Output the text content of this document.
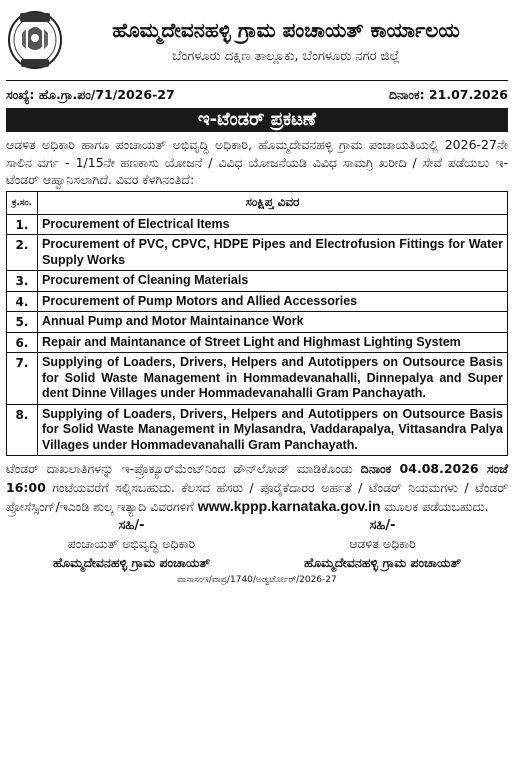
ಹೊಮ್ಮದೇವನಹಳ್ಳಿ ಗ್ರಾಮ ಪಂಚಾಯತ್ ಕಾರ್ಯಾಲಯ
ಬೆಂಗಳೂರು ದಕ್ಷಿಣ ತಾಲ್ಲೂಕು, ಬೆಂಗಳೂರು ನಗರ ಜಿಲ್ಲೆ
ಸಂಖ್ಯೆ: ಹೊ.ಗ್ರಾ.ಪಂ/71/2026-27	ದಿನಾಂಕ: 21.07.2026
ಇ-ಟೆಂಡರ್ ಪ್ರಕಟಣೆ
ಆಡಳಿತ ಅಧಿಕಾರಿ ಹಾಗೂ ಪಂಚಾಯತ್ ಅಭಿವೃದ್ಧಿ ಅಧಿಕಾರಿ, ಹೊಮ್ಮದೇವನಹಳ್ಳಿ ಗ್ರಾಮ ಪಂಚಾಯತಿಯಲ್ಲಿ 2026-27ನೇ ಸಾಲಿನ ವರ್ಗ - 1/15ನೇ ಹಣಕಾಸು ಯೋಜನೆ / ವಿವಿಧ ಯೋಜನೆಯಡಿ ವಿವಿಧ ಸಾಮಗ್ರಿ ಖರೀದಿ / ಸೇವೆ ಪಡೆಯಲು ಇ-ಟೆಂಡರ್ ಆಹ್ವಾನಿಸಲಾಗಿದೆ. ವಿವರ ಕೆಳಗಿನಂತಿದೆ:
ಕ್ರ.ಸಂ.	ಸಂಕ್ಷಿಪ್ತ ವಿವರ
1.	Procurement of Electrical Items
2.	Procurement of PVC, CPVC, HDPE Pipes and Electrofusion Fittings for Water Supply Works
3.	Procurement of Cleaning Materials
4.	Procurement of Pump Motors and Allied Accessories
5.	Annual Pump and Motor Maintainance Work
6.	Repair and Maintanance of Street Light and Highmast Lighting System
7.	Supplying of Loaders, Drivers, Helpers and Autotippers on Outsource Basis for Solid Waste Management in Hommadevanahalli, Dinnepalya and Super dent Dinne Villages under Hommadevanahalli Gram Panchayath.
8.	Supplying of Loaders, Drivers, Helpers and Autotippers on Outsource Basis for Solid Waste Management in Mylasandra, Vaddarapalya, Vittasandra Palya Villages under Hommadevanahalli Gram Panchayath.
ಟೆಂಡರ್ ದಾಖಲಾತಿಗಳನ್ನು ಇ-ಪ್ರೊಕ್ಯೂರ್‌ಮೆಂಟ್‌ನಿಂದ ಡೌನ್‌ಲೋಡ್ ಮಾಡಿಕೊಂಡು ದಿನಾಂಕ 04.08.2026 ಸಂಜೆ 16:00 ಗಂಟೆಯವರೆಗೆ ಸಲ್ಲಿಸಬಹುದು. ಕೆಲಸದ ಹೆಸರು / ಪೂರೈಕೆದಾರರ ಅರ್ಹತೆ / ಟೆಂಡರ್ ನಿಯಮಗಳು / ಟೆಂಡರ್ ಪ್ರೋಸೆಸ್ಸಿಂಗ್/ಇಎಂಡಿ ಶುಲ್ಕ ಇತ್ಯಾದಿ ವಿವರಗಳಿಗೆ www.kppp.karnataka.gov.in ಮೂಲಕ ಪಡೆಯಬಹುದು.
ಸಹಿ/-
ಪಂಚಾಯತ್ ಅಭಿವೃದ್ಧಿ ಅಧಿಕಾರಿ
ಹೊಮ್ಮದೇವನಹಳ್ಳಿ ಗ್ರಾಮ ಪಂಚಾಯತ್
ಸಹಿ/-
ಆಡಳಿತ ಅಧಿಕಾರಿ
ಹೊಮ್ಮದೇವನಹಳ್ಳಿ ಗ್ರಾಮ ಪಂಚಾಯತ್
ವಾಸಾಸಂಇ/ವಾಪ್ರ/1740/ಅಡ್ವರ್ಟೋರ್/2026-27
